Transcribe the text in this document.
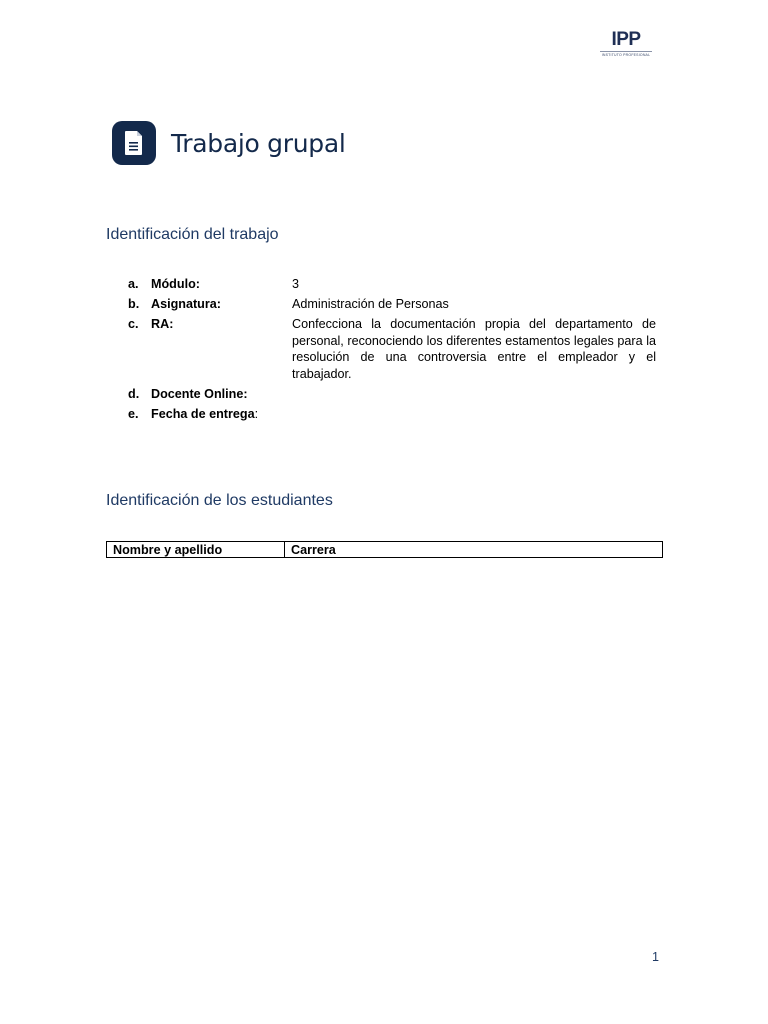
IPP
INSTITUTO PROFESIONAL
Trabajo grupal
Identificación del trabajo
a. Módulo:	3
b. Asignatura:	Administración de Personas
c. RA:	Confecciona la documentación propia del departamento de personal, reconociendo los diferentes estamentos legales para la resolución de una controversia entre el empleador y el trabajador.
d. Docente Online:
e. Fecha de entrega:
Identificación de los estudiantes
Nombre y apellido	Carrera
1
